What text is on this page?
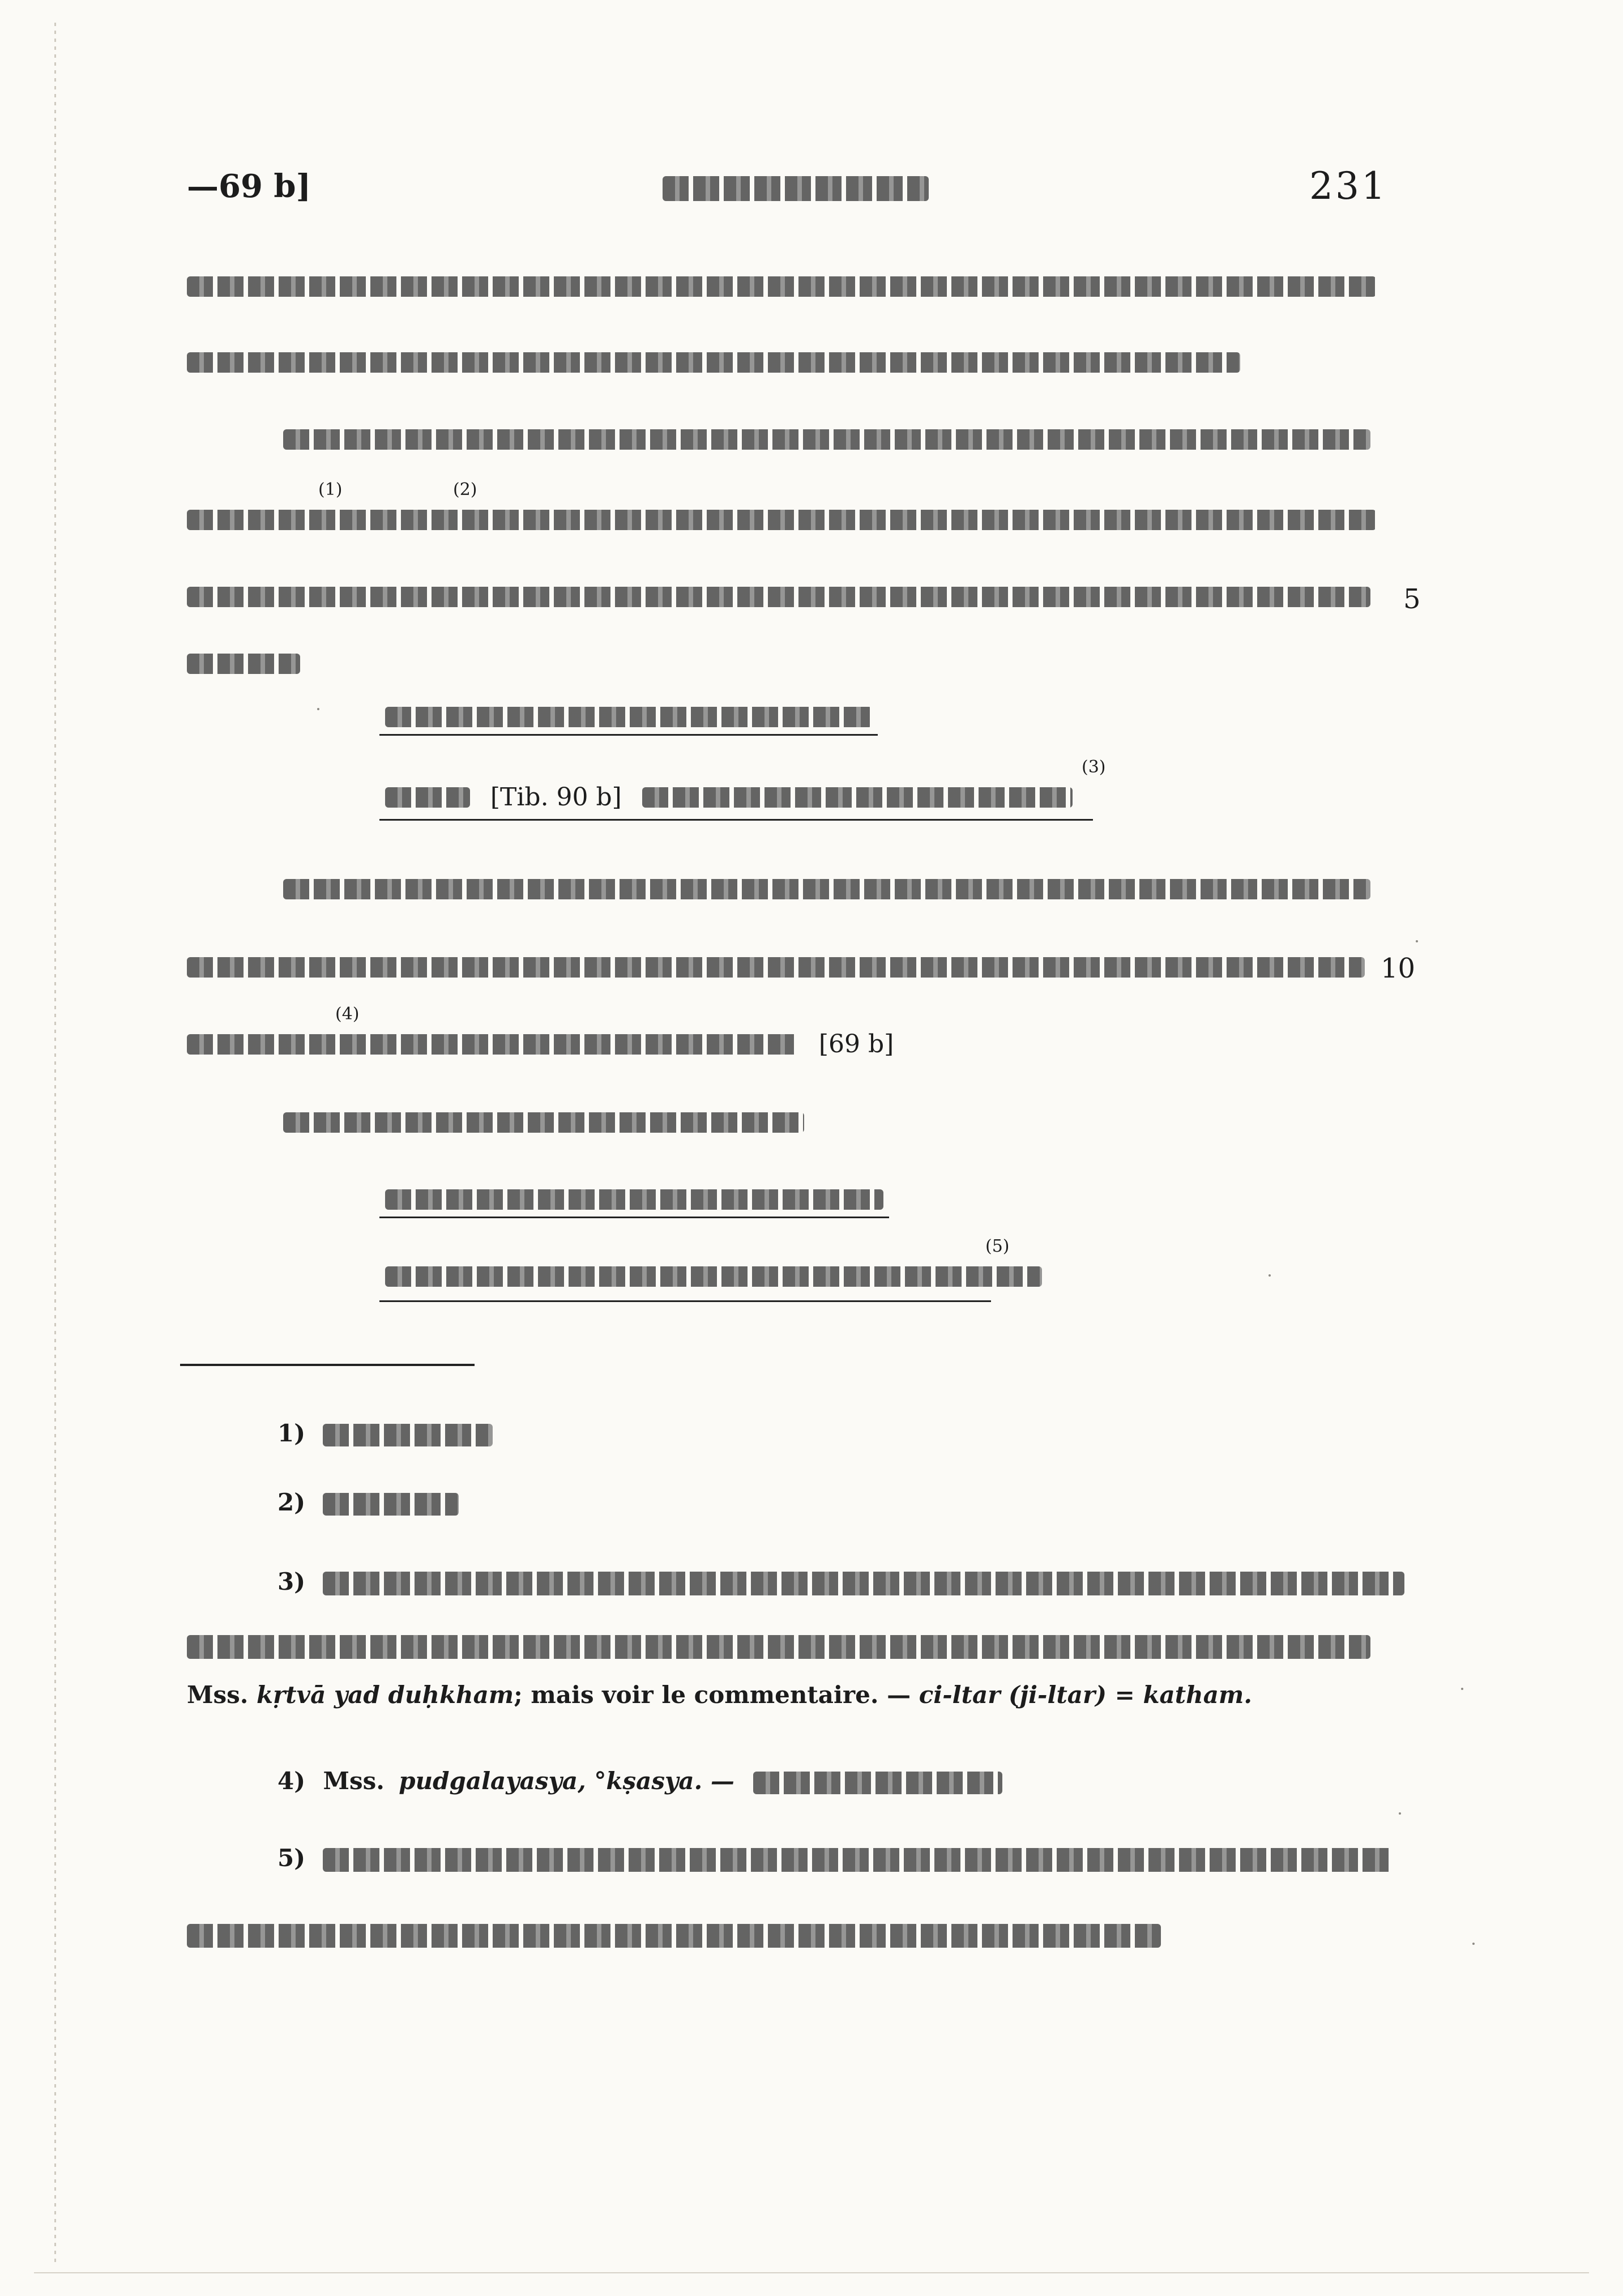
—69 b]	231
(1)	(2)
5
[Tib. 90 b]
(3)
10
(4)
[69 b]
(5)
1)
2)
3)
Mss. kṛtvā yad duḥkham; mais voir le commentaire. — ci-ltar (ji-ltar) = katham.
4) Mss. pudgalayasya, °kṣasya. —
5)
